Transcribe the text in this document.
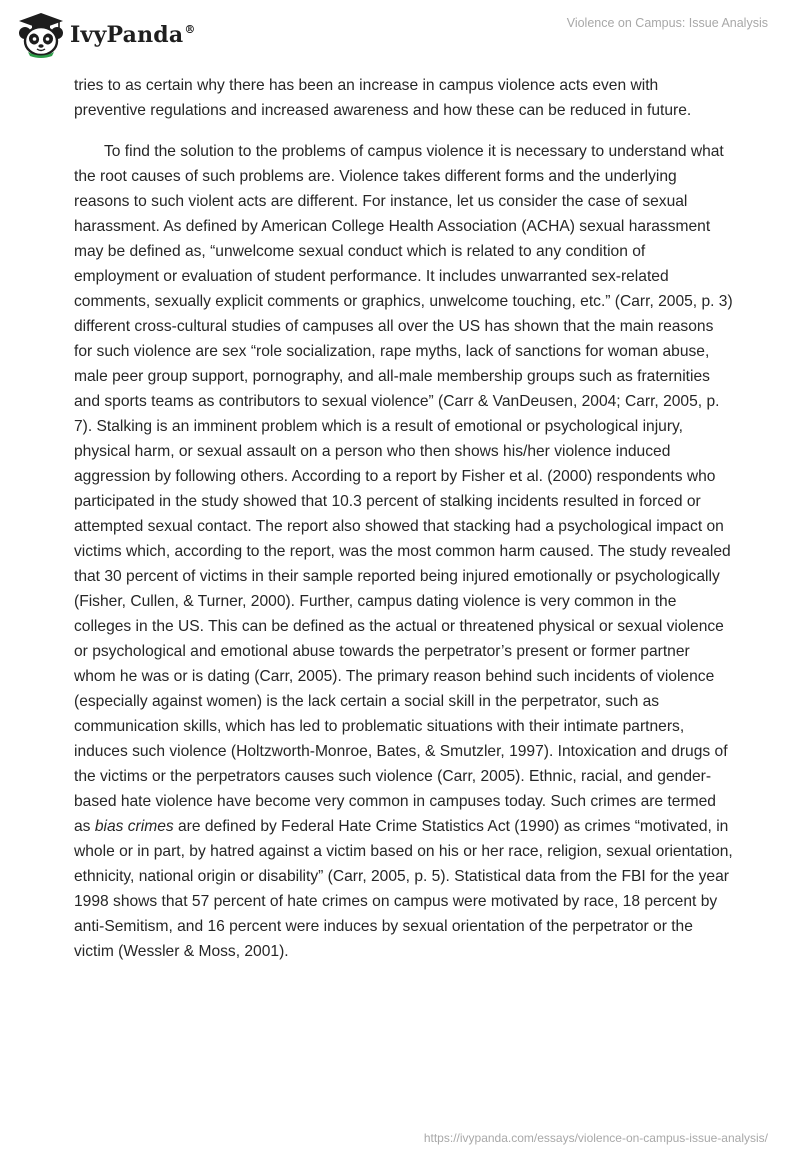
IvyPanda®	Violence on Campus: Issue Analysis

tries to as certain why there has been an increase in campus violence acts even with preventive regulations and increased awareness and how these can be reduced in future.

To find the solution to the problems of campus violence it is necessary to understand what the root causes of such problems are. Violence takes different forms and the underlying reasons to such violent acts are different. For instance, let us consider the case of sexual harassment. As defined by American College Health Association (ACHA) sexual harassment may be defined as, “unwelcome sexual conduct which is related to any condition of employment or evaluation of student performance. It includes unwarranted sex-related comments, sexually explicit comments or graphics, unwelcome touching, etc.” (Carr, 2005, p. 3) different cross-cultural studies of campuses all over the US has shown that the main reasons for such violence are sex “role socialization, rape myths, lack of sanctions for woman abuse, male peer group support, pornography, and all-male membership groups such as fraternities and sports teams as contributors to sexual violence” (Carr & VanDeusen, 2004; Carr, 2005, p. 7). Stalking is an imminent problem which is a result of emotional or psychological injury, physical harm, or sexual assault on a person who then shows his/her violence induced aggression by following others. According to a report by Fisher et al. (2000) respondents who participated in the study showed that 10.3 percent of stalking incidents resulted in forced or attempted sexual contact. The report also showed that stacking had a psychological impact on victims which, according to the report, was the most common harm caused. The study revealed that 30 percent of victims in their sample reported being injured emotionally or psychologically (Fisher, Cullen, & Turner, 2000). Further, campus dating violence is very common in the colleges in the US. This can be defined as the actual or threatened physical or sexual violence or psychological and emotional abuse towards the perpetrator’s present or former partner whom he was or is dating (Carr, 2005). The primary reason behind such incidents of violence (especially against women) is the lack certain a social skill in the perpetrator, such as communication skills, which has led to problematic situations with their intimate partners, induces such violence (Holtzworth-Monroe, Bates, & Smutzler, 1997). Intoxication and drugs of the victims or the perpetrators causes such violence (Carr, 2005). Ethnic, racial, and gender-based hate violence have become very common in campuses today. Such crimes are termed as bias crimes are defined by Federal Hate Crime Statistics Act (1990) as crimes “motivated, in whole or in part, by hatred against a victim based on his or her race, religion, sexual orientation, ethnicity, national origin or disability” (Carr, 2005, p. 5). Statistical data from the FBI for the year 1998 shows that 57 percent of hate crimes on campus were motivated by race, 18 percent by anti-Semitism, and 16 percent were induces by sexual orientation of the perpetrator or the victim (Wessler & Moss, 2001).

https://ivypanda.com/essays/violence-on-campus-issue-analysis/
